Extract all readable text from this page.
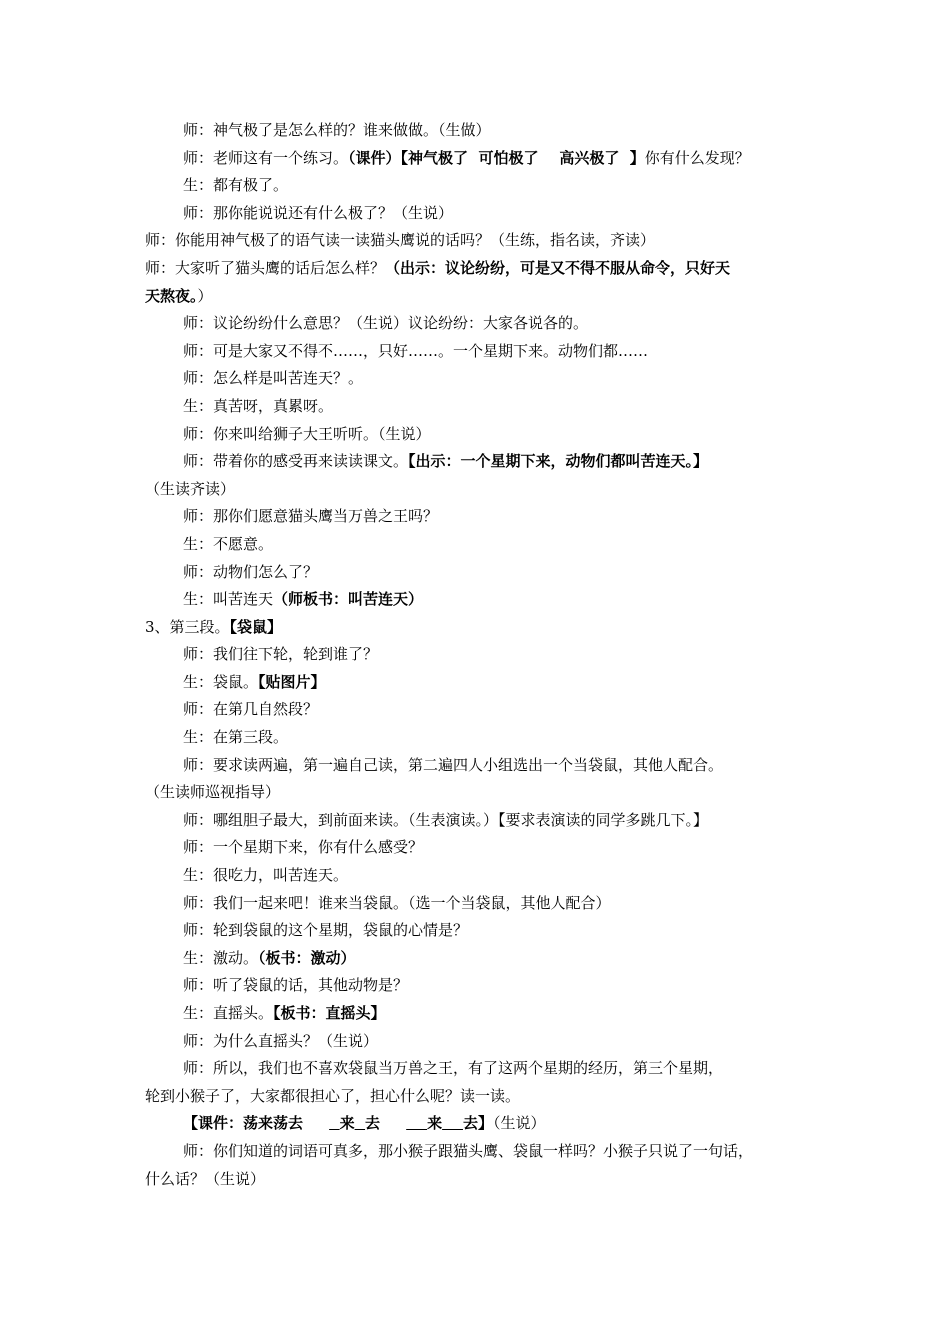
师：神气极了是怎么样的？谁来做做。（生做）
师：老师这有一个练习。（课件）【神气极了  可怕极了    高兴极了  】你有什么发现？
生：都有极了。
师：那你能说说还有什么极了？（生说）
师：你能用神气极了的语气读一读猫头鹰说的话吗？（生练，指名读，齐读）
师：大家听了猫头鹰的话后怎么样？（出示：议论纷纷，可是又不得不服从命令，只好天
天熬夜。）
师：议论纷纷什么意思？（生说）议论纷纷：大家各说各的。
师：可是大家又不得不……，只好……。一个星期下来。动物们都……
师：怎么样是叫苦连天？。
生：真苦呀，真累呀。
师：你来叫给狮子大王听听。（生说）
师：带着你的感受再来读读课文。【出示：一个星期下来，动物们都叫苦连天。】
（生读齐读）
师：那你们愿意猫头鹰当万兽之王吗？
生：不愿意。
师：动物们怎么了？
生：叫苦连天（师板书：叫苦连天）
3、第三段。【袋鼠】
师：我们往下轮，轮到谁了？
生：袋鼠。【贴图片】
师：在第几自然段？
生：在第三段。
师：要求读两遍，第一遍自己读，第二遍四人小组选出一个当袋鼠，其他人配合。
（生读师巡视指导）
师：哪组胆子最大，到前面来读。（生表演读。）【要求表演读的同学多跳几下。】
师：一个星期下来，你有什么感受？
生：很吃力，叫苦连天。
师：我们一起来吧！谁来当袋鼠。（选一个当袋鼠，其他人配合）
师：轮到袋鼠的这个星期，袋鼠的心情是？
生：激动。（板书：激动）
师：听了袋鼠的话，其他动物是？
生：直摇头。【板书：直摇头】
师：为什么直摇头？（生说）
师：所以，我们也不喜欢袋鼠当万兽之王，有了这两个星期的经历，第三个星期，
轮到小猴子了，大家都很担心了，担心什么呢？读一读。
【课件：荡来荡去       来 去         来 去】（生说）
师：你们知道的词语可真多，那小猴子跟猫头鹰、袋鼠一样吗？小猴子只说了一句话，
什么话？（生说）
